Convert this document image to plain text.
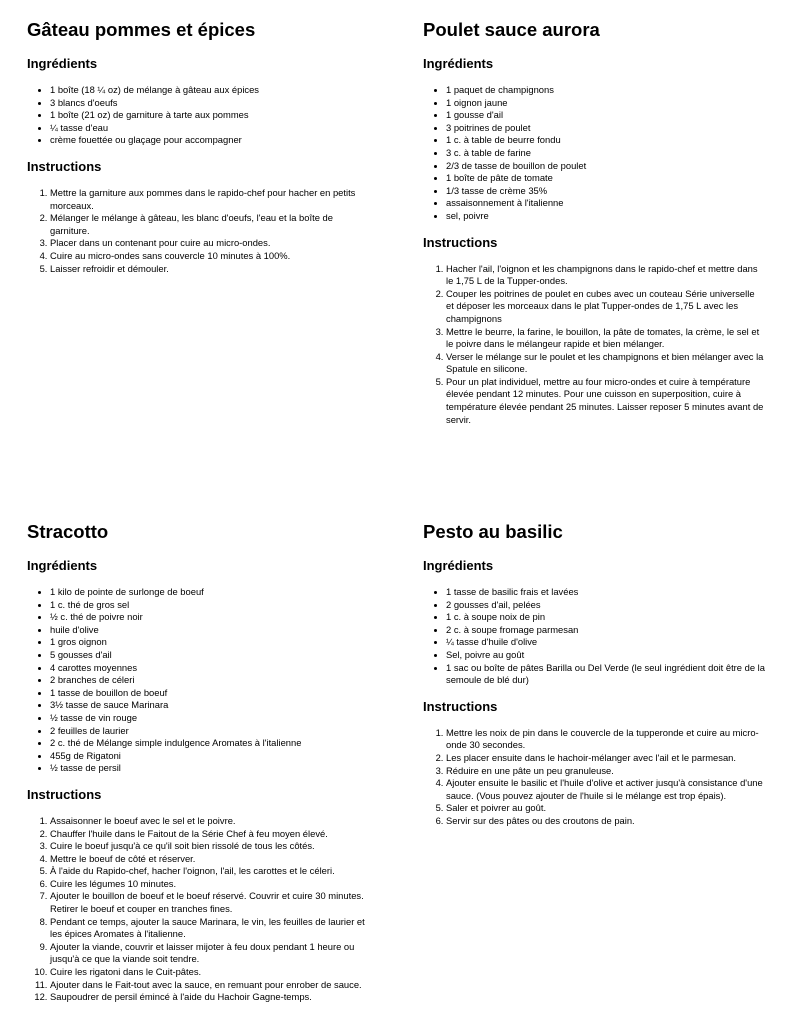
Gâteau pommes et épices
Ingrédients
• 1 boîte (18 ¼ oz) de mélange à gâteau aux épices
• 3 blancs d'oeufs
• 1 boîte (21 oz) de garniture à tarte aux pommes
• ¼ tasse d'eau
• crème fouettée ou glaçage pour accompagner
Instructions
1. Mettre la garniture aux pommes dans le rapido-chef pour hacher en petits morceaux.
2. Mélanger le mélange à gâteau, les blanc d'oeufs, l'eau et la boîte de garniture.
3. Placer dans un contenant pour cuire au micro-ondes.
4. Cuire au micro-ondes sans couvercle 10 minutes à 100%.
5. Laisser refroidir et démouler.
Poulet sauce aurora
Ingrédients
• 1 paquet de champignons
• 1 oignon jaune
• 1 gousse d'ail
• 3 poitrines de poulet
• 1 c. à table de beurre fondu
• 3 c. à table de farine
• 2/3 de tasse de bouillon de poulet
• 1 boîte de pâte de tomate
• 1/3 tasse de crème 35%
• assaisonnement à l'italienne
• sel, poivre
Instructions
1. Hacher l'ail, l'oignon et les champignons dans le rapido-chef et mettre dans le 1,75 L de la Tupper-ondes.
2. Couper les poitrines de poulet en cubes avec un couteau Série universelle et déposer les morceaux dans le plat Tupper-ondes de 1,75 L avec les champignons
3. Mettre le beurre, la farine, le bouillon, la pâte de tomates, la crème, le sel et le poivre dans le mélangeur rapide et bien mélanger.
4. Verser le mélange sur le poulet et les champignons et bien mélanger avec la Spatule en silicone.
5. Pour un plat individuel, mettre au four micro-ondes et cuire à température élevée pendant 12 minutes. Pour une cuisson en superposition, cuire à température élevée pendant 25 minutes. Laisser reposer 5 minutes avant de servir.
Stracotto
Ingrédients
• 1 kilo de pointe de surlonge de boeuf
• 1 c. thé de gros sel
• ½ c. thé de poivre noir
• huile d'olive
• 1 gros oignon
• 5 gousses d'ail
• 4 carottes moyennes
• 2 branches de céleri
• 1 tasse de bouillon de boeuf
• 3½ tasse de sauce Marinara
• ½ tasse de vin rouge
• 2 feuilles de laurier
• 2 c. thé de Mélange simple indulgence Aromates à l'italienne
• 455g de Rigatoni
• ½ tasse de persil
Instructions
1. Assaisonner le boeuf avec le sel et le poivre.
2. Chauffer l'huile dans le Faitout de la Série Chef à feu moyen élevé.
3. Cuire le boeuf jusqu'à ce qu'il soit bien rissolé de tous les côtés.
4. Mettre le boeuf de côté et réserver.
5. À l'aide du Rapido-chef, hacher l'oignon, l'ail, les carottes et le céleri.
6. Cuire les légumes 10 minutes.
7. Ajouter le bouillon de boeuf et le boeuf réservé. Couvrir et cuire 30 minutes. Retirer le boeuf et couper en tranches fines.
8. Pendant ce temps, ajouter la sauce Marinara, le vin, les feuilles de laurier et les épices Aromates à l'italienne.
9. Ajouter la viande, couvrir et laisser mijoter à feu doux pendant 1 heure ou jusqu'à ce que la viande soit tendre.
10. Cuire les rigatoni dans le Cuit-pâtes.
11. Ajouter dans le Fait-tout avec la sauce, en remuant pour enrober de sauce.
12. Saupoudrer de persil émincé à l'aide du Hachoir Gagne-temps.
Pesto au basilic
Ingrédients
• 1 tasse de basilic frais et lavées
• 2 gousses d'ail, pelées
• 1 c. à soupe noix de pin
• 2 c. à soupe fromage parmesan
• ¼ tasse d'huile d'olive
• Sel, poivre au goût
• 1 sac ou boîte de pâtes Barilla ou Del Verde (le seul ingrédient doit être de la semoule de blé dur)
Instructions
1. Mettre les noix de pin dans le couvercle de la tupperonde et cuire au micro-onde 30 secondes.
2. Les placer ensuite dans le hachoir-mélanger avec l'ail et le parmesan.
3. Réduire en une pâte un peu granuleuse.
4. Ajouter ensuite le basilic et l'huile d'olive et activer jusqu'à consistance d'une sauce. (Vous pouvez ajouter de l'huile si le mélange est trop épais).
5. Saler et poivrer au goût.
6. Servir sur des pâtes ou des croutons de pain.
